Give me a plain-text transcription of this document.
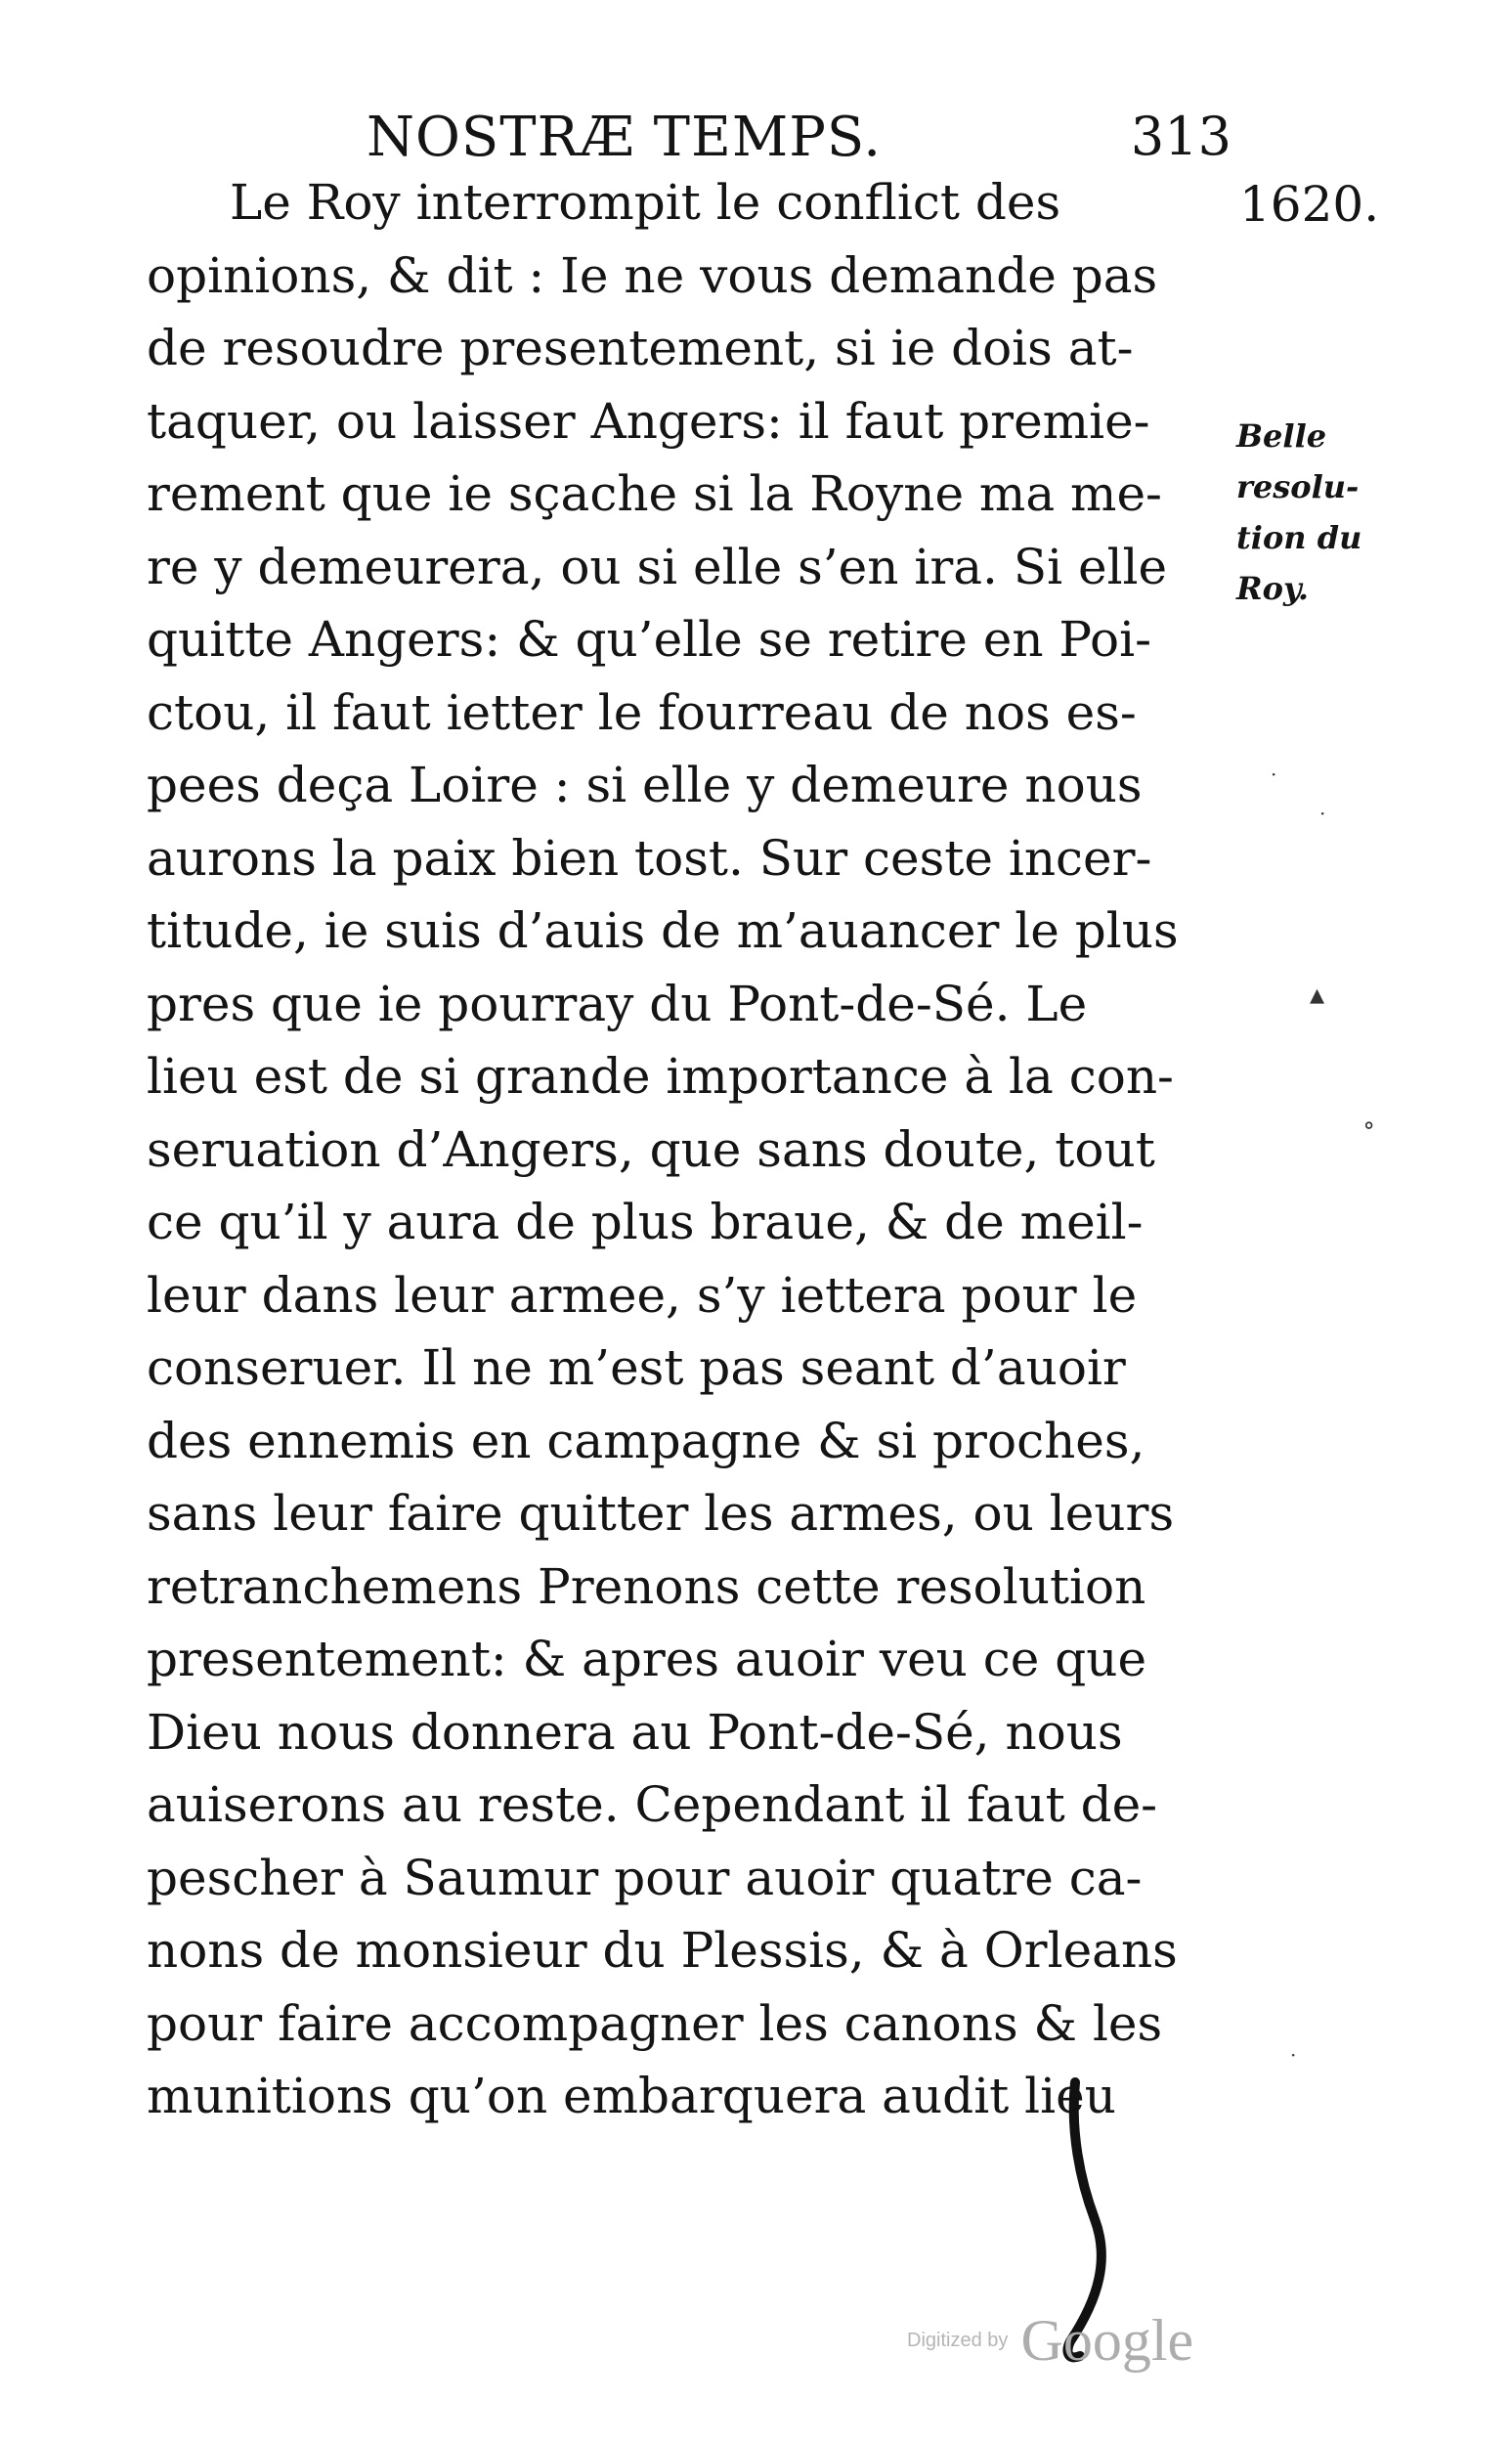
NOSTRÆ TEMPS.	313
1620.
Le Roy interrompit le conflict des
opinions, & dit : Ie ne vous demande pas
de resoudre presentement, si ie dois at-
taquer, ou laisser Angers: il faut premie-
rement que ie sçache si la Royne ma me-
re y demeurera, ou si elle s’en ira. Si elle
quitte Angers: & qu’elle se retire en Poi-
ctou, il faut ietter le fourreau de nos es-
pees deça Loire : si elle y demeure nous
aurons la paix bien tost. Sur ceste incer-
titude, ie suis d’auis de m’auancer le plus
pres que ie pourray du Pont-de-Sé. Le
lieu est de si grande importance à la con-
seruation d’Angers, que sans doute, tout
ce qu’il y aura de plus braue, & de meil-
leur dans leur armee, s’y iettera pour le
conseruer. Il ne m’est pas seant d’auoir
des ennemis en campagne & si proches,
sans leur faire quitter les armes, ou leurs
retranchemens Prenons cette resolution
presentement: & apres auoir veu ce que
Dieu nous donnera au Pont-de-Sé, nous
auiserons au reste. Cependant il faut de-
pescher à Saumur pour auoir quatre ca-
nons de monsieur du Plessis, & à Orleans
pour faire accompagner les canons & les
munitions qu’on embarquera audit lieu
Belle
resolu-
tion du
Roy.
·
·
▴
ᐤ
·
Digitized by Google
